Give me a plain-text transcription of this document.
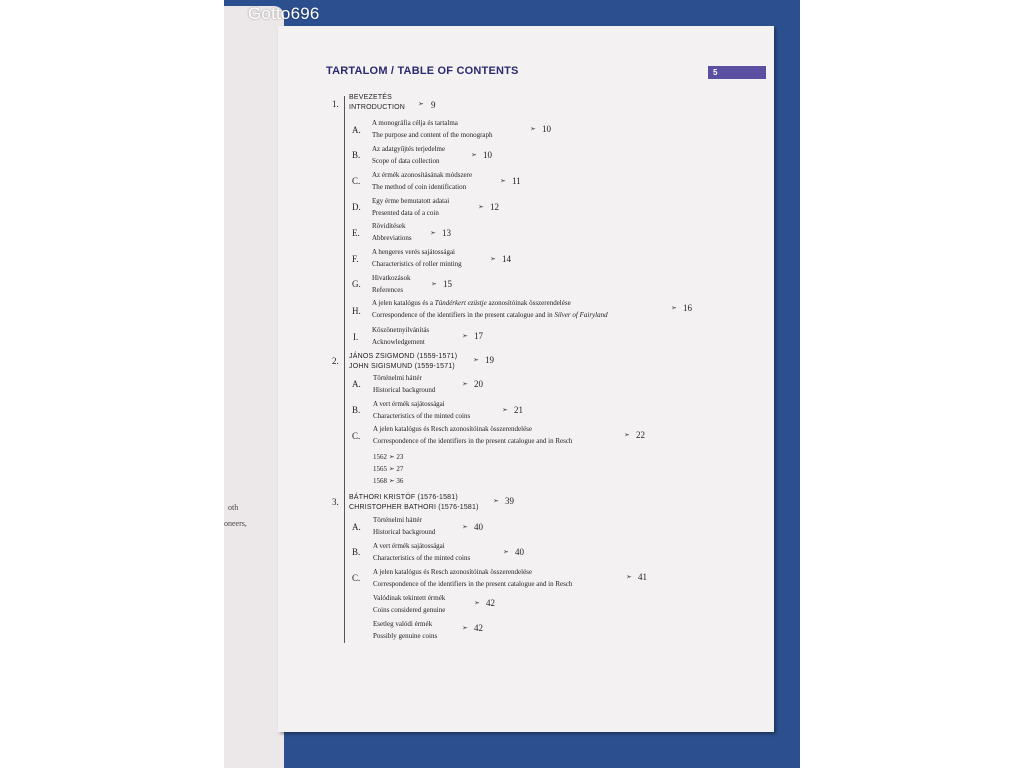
oth
oneers,
Gotto696
TARTALOM / TABLE OF CONTENTS	5
1.
BEVEZETÉS
INTRODUCTION ➣ 9
A.
A monográfia célja és tartalma
The purpose and content of the monograph
➣ 10
B.
Az adatgyűjtés terjedelme
Scope of data collection
➣ 10
C.
Az érmék azonosításának módszere
The method of coin identification
➣ 11
D.
Egy érme bemutatott adatai
Presented data of a coin
➣ 12
E.
Rövidítések
Abbreviations
➣ 13
F.
A hengeres verés sajátosságai
Characteristics of roller minting
➣ 14
G.
Hivatkozások
References
➣ 15
H.
A jelen katalógus és a Tündérkert ezüstje azonosítóinak összerendelése
Correspondence of the identifiers in the present catalogue and in Silver of Fairyland
➣ 16
I.
Köszönetnyilvánítás
Acknowledgement
➣ 17
2. JÁNOS ZSIGMOND (1559-1571)
JOHN SIGISMUND (1559-1571)
➣ 19
A.
Történelmi háttér
Historical background
➣ 20
B.
A vert érmék sajátosságai
Characteristics of the minted coins
➣ 21
C.
A jelen katalógus és Resch azonosítóinak összerendelése
Correspondence of the identifiers in the present catalogue and in Resch
➣ 22
1562 ➣ 23
1565 ➣ 27
1568 ➣ 36
3. BÁTHORI KRISTÓF (1576-1581)
CHRISTOPHER BATHORI (1576-1581)
➣ 39
A.
Történelmi háttér
Historical background
➣ 40
B.
A vert érmék sajátosságai
Characteristics of the minted coins
➣ 40
C.
A jelen katalógus és Resch azonosítóinak összerendelése
Correspondence of the identifiers in the present catalogue and in Resch
➣ 41
Valódinak tekintett érmék
Coins considered genuine
➣ 42
Esetleg valódi érmék
Possibly genuine coins
➣ 42
